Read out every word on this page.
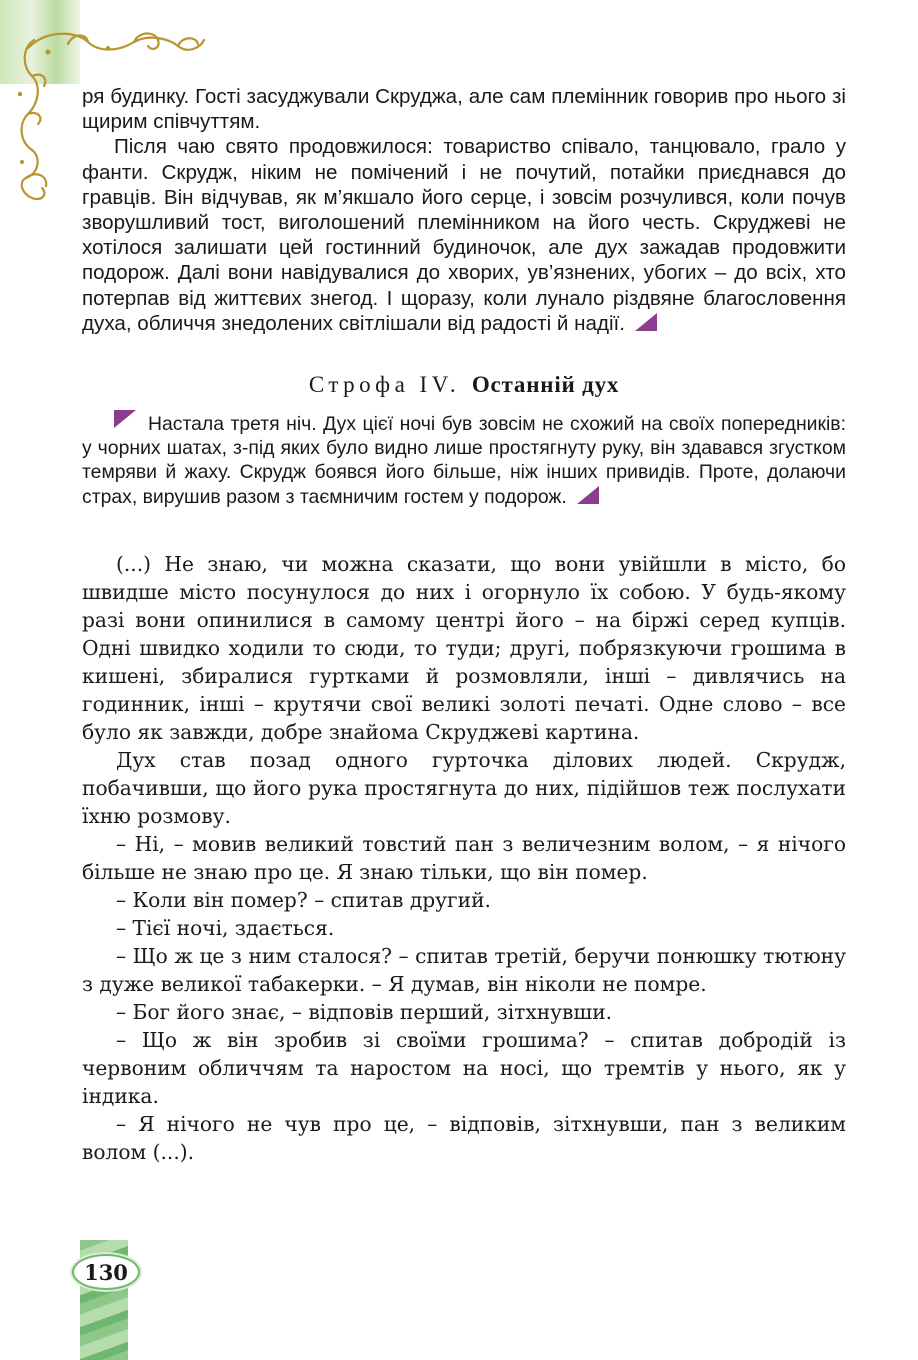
ря будинку. Гості засуджували Скруджа, але сам племінник говорив про нього зі щирим співчуттям.

Після чаю свято продовжилося: товариство співало, танцювало, грало у фанти. Скрудж, ніким не помічений і не почутий, потайки приєднався до гравців. Він відчував, як м’якшало його серце, і зовсім розчулився, коли почув зворушливий тост, виголошений племінником на його честь. Скруджеві не хотілося залишати цей гостинний будиночок, але дух зажадав продовжити подорож. Далі вони навідувалися до хворих, ув’язнених, убогих – до всіх, хто потерпав від життєвих знегод. І щоразу, коли лунало різдвяне благословення духа, обличчя знедолених світлішали від радості й надії.

Строфа IV. Останній дух

Настала третя ніч. Дух цієї ночі був зовсім не схожий на своїх попередників: у чорних шатах, з-під яких було видно лише простягнуту руку, він здавався згустком темряви й жаху. Скрудж боявся його більше, ніж інших привидів. Проте, долаючи страх, вирушив разом з таємничим гостем у подорож.

(...) Не знаю, чи можна сказати, що вони увійшли в місто, бо швидше місто посунулося до них і огорнуло їх собою. У будь-якому разі вони опинилися в самому центрі його – на біржі серед купців. Одні швидко ходили то сюди, то туди; другі, побрязкуючи грошима в кишені, збиралися гуртками й розмовляли, інші – дивлячись на годинник, інші – крутячи свої великі золоті печаті. Одне слово – все було як завжди, добре знайома Скруджеві картина.

Дух став позад одного гурточка ділових людей. Скрудж, побачивши, що його рука простягнута до них, підійшов теж послухати їхню розмову.

– Ні, – мовив великий товстий пан з величезним волом, – я нічого більше не знаю про це. Я знаю тільки, що він помер.

– Коли він помер? – спитав другий.

– Тієї ночі, здається.

– Що ж це з ним сталося? – спитав третій, беручи понюшку тютюну з дуже великої табакерки. – Я думав, він ніколи не помре.

– Бог його знає, – відповів перший, зітхнувши.

– Що ж він зробив зі своїми грошима? – спитав добродій із червоним обличчям та наростом на носі, що тремтів у нього, як у індика.

– Я нічого не чув про це, – відповів, зітхнувши, пан з великим волом (...).

130
